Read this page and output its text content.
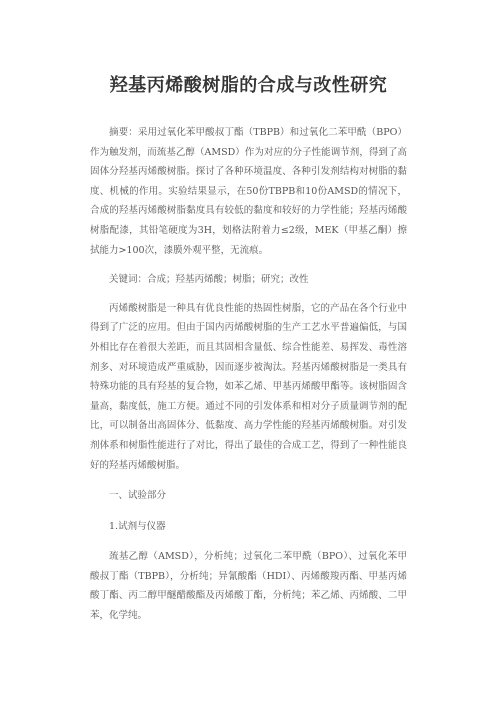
羟基丙烯酸树脂的合成与改性研究

摘要：采用过氧化苯甲酸叔丁酯（TBPB）和过氧化二苯甲酰（BPO）作为触发剂，而巯基乙醇（AMSD）作为对应的分子性能调节剂，得到了高固体分羟基丙烯酸树脂。探讨了各种环境温度、各种引发剂结构对树脂的黏度、机械的作用。实验结果显示，在50份TBPB和10份AMSD的情况下，合成的羟基丙烯酸树脂黏度具有较低的黏度和较好的力学性能；羟基丙烯酸树脂配漆，其铅笔硬度为3H，划格法附着力≤2级，MEK（甲基乙酮）擦拭能力>100次，漆膜外观平整，无流痕。

关键词：合成；羟基丙烯酸；树脂；研究；改性

丙烯酸树脂是一种具有优良性能的热固性树脂，它的产品在各个行业中得到了广泛的应用。但由于国内丙烯酸树脂的生产工艺水平普遍偏低，与国外相比存在着很大差距，而且其固相含量低、综合性能差、易挥发、毒性溶剂多、对环境造成严重威胁，因而逐步被淘汰。羟基丙烯酸树脂是一类具有特殊功能的具有羟基的复合物，如苯乙烯、甲基丙烯酸甲酯等。该树脂固含量高，黏度低，施工方便。通过不同的引发体系和相对分子质量调节剂的配比，可以制备出高固体分、低黏度、高力学性能的羟基丙烯酸树脂。对引发剂体系和树脂性能进行了对比，得出了最佳的合成工艺，得到了一种性能良好的羟基丙烯酸树脂。

一、试验部分

1.试剂与仪器

巯基乙醇（AMSD），分析纯；过氧化二苯甲酰（BPO）、过氧化苯甲酸叔丁酯（TBPB），分析纯；异氰酸酯（HDI）、丙烯酸羧丙酯、甲基丙烯酸丁酯、丙二醇甲醚醋酸酯及丙烯酸丁酯，分析纯；苯乙烯、丙烯酸、二甲苯，化学纯。
